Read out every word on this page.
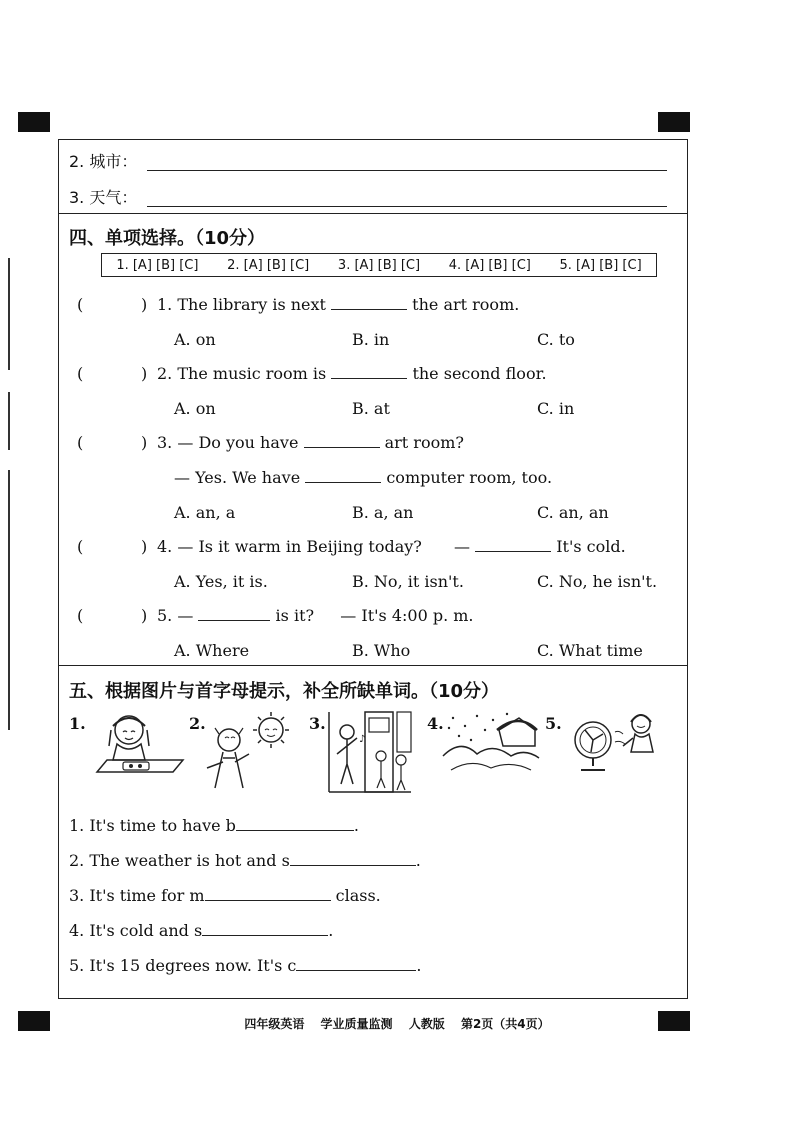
2. 城市：
3. 天气：
四、单项选择。（10分）
1. [A] [B] [C] 2. [A] [B] [C] 3. [A] [B] [C] 4. [A] [B] [C] 5. [A] [B] [C]
(	) 1. The library is next	the art room.
A. on	B. in	C. to
(	) 2. The music room is	the second floor.
A. on	B. at	C. in
(	) 3. — Do you have	art room?
— Yes. We have	computer room, too.
A. an, a	B. a, an	C. an, an
(	) 4. — Is it warm in Beijing today? —	It's cold.
A. Yes, it is.	B. No, it isn't.	C. No, he isn't.
(	) 5. —	is it? — It's 4:00 p. m.
A. Where	B. Who	C. What time
五、根据图片与首字母提示，补全所缺单词。（10分）
1.	2.	3.
♪
4.	5.
1. It's time to have b	.
2. The weather is hot and s	.
3. It's time for m	class.
4. It's cold and s	.
5. It's 15 degrees now. It's c	.
四年级英语 学业质量监测 人教版 第2页（共4页）
